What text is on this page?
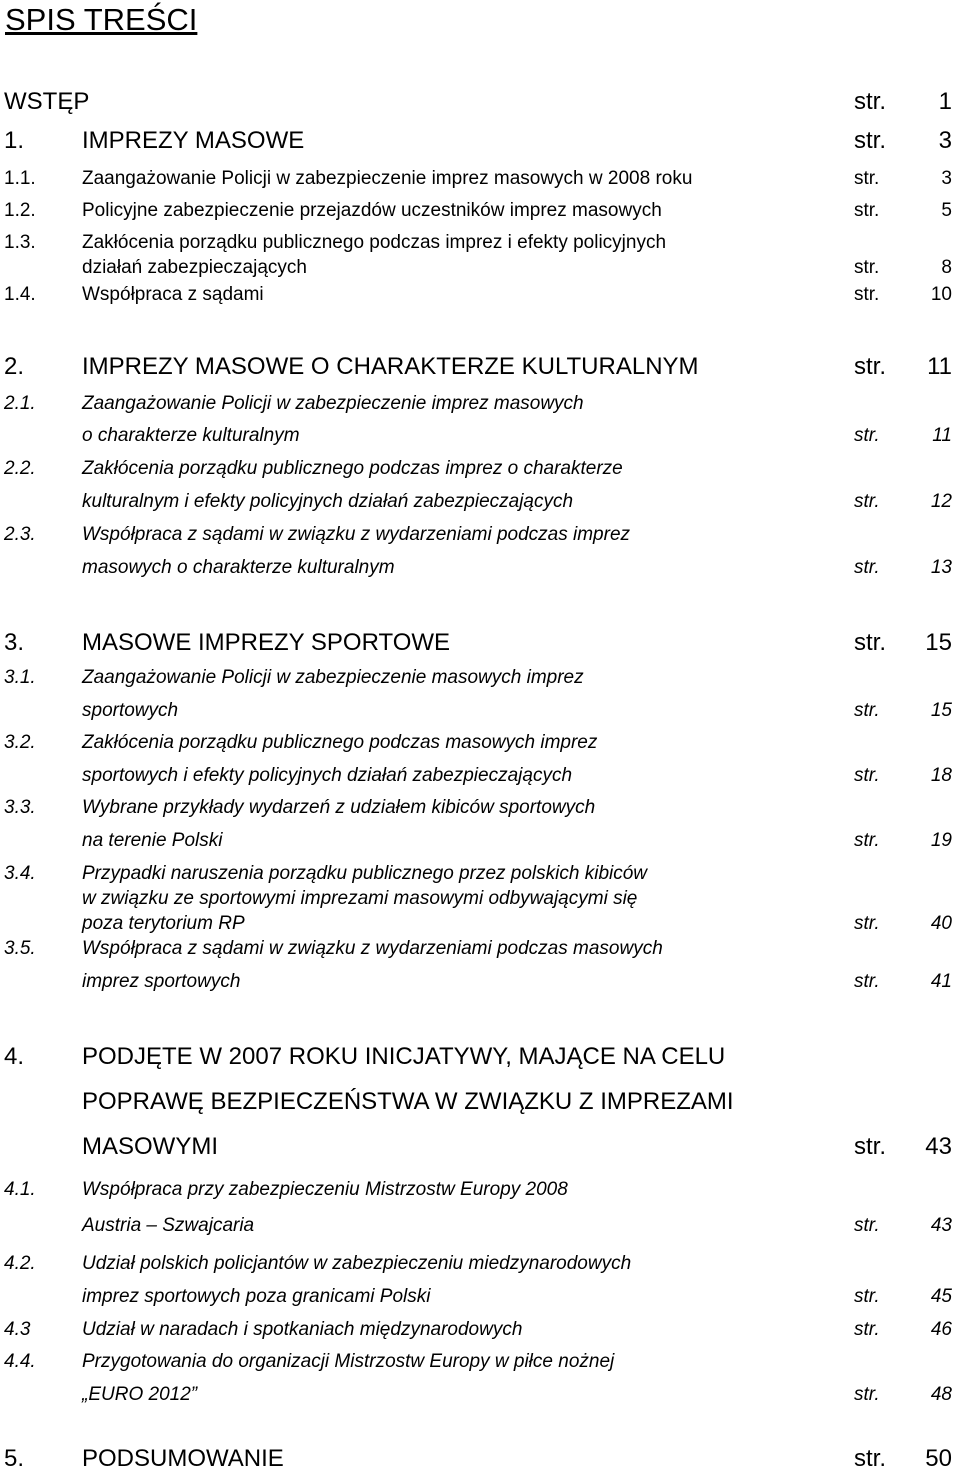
SPIS TREŚCI
WSTĘP	str. 1
1. IMPREZY MASOWE	str. 3
1.1. Zaangażowanie Policji w zabezpieczenie imprez masowych w 2008 roku	str.	3
1.2. Policyjne zabezpieczenie przejazdów uczestników imprez masowych	str.	5
1.3. Zakłócenia porządku publicznego podczas imprez i efekty policyjnych
działań zabezpieczających	str.	8
1.4. Współpraca z sądami	str.	10
2. IMPREZY MASOWE O CHARAKTERZE KULTURALNYM	str. 11
2.1. Zaangażowanie Policji w zabezpieczenie imprez masowych
o charakterze kulturalnym	str.	11
2.2. Zakłócenia porządku publicznego podczas imprez o charakterze
kulturalnym i efekty policyjnych działań zabezpieczających	str.	12
2.3. Współpraca z sądami w związku z wydarzeniami podczas imprez
masowych o charakterze kulturalnym	str.	13
3. MASOWE IMPREZY SPORTOWE	str. 15
3.1. Zaangażowanie Policji w zabezpieczenie masowych imprez
sportowych	str.	15
3.2. Zakłócenia porządku publicznego podczas masowych imprez
sportowych i efekty policyjnych działań zabezpieczających	str.	18
3.3. Wybrane przykłady wydarzeń z udziałem kibiców sportowych
na terenie Polski	str.	19
3.4. Przypadki naruszenia porządku publicznego przez polskich kibiców
w związku ze sportowymi imprezami masowymi odbywającymi się
poza terytorium RP	str.	40
3.5. Współpraca z sądami w związku z wydarzeniami podczas masowych
imprez sportowych	str.	41
4. PODJĘTE W 2007 ROKU INICJATYWY, MAJĄCE NA CELU
POPRAWĘ BEZPIECZEŃSTWA W ZWIĄZKU Z IMPREZAMI
MASOWYMI	str. 43
4.1. Współpraca przy zabezpieczeniu Mistrzostw Europy 2008
Austria – Szwajcaria	str.	43
4.2. Udział polskich policjantów w zabezpieczeniu miedzynarodowych
imprez sportowych poza granicami Polski	str.	45
4.3	Udział w naradach i spotkaniach międzynarodowych	str.	46
4.4. Przygotowania do organizacji Mistrzostw Europy w piłce nożnej
„EURO 2012”	str.	48
5. PODSUMOWANIE	str. 50
